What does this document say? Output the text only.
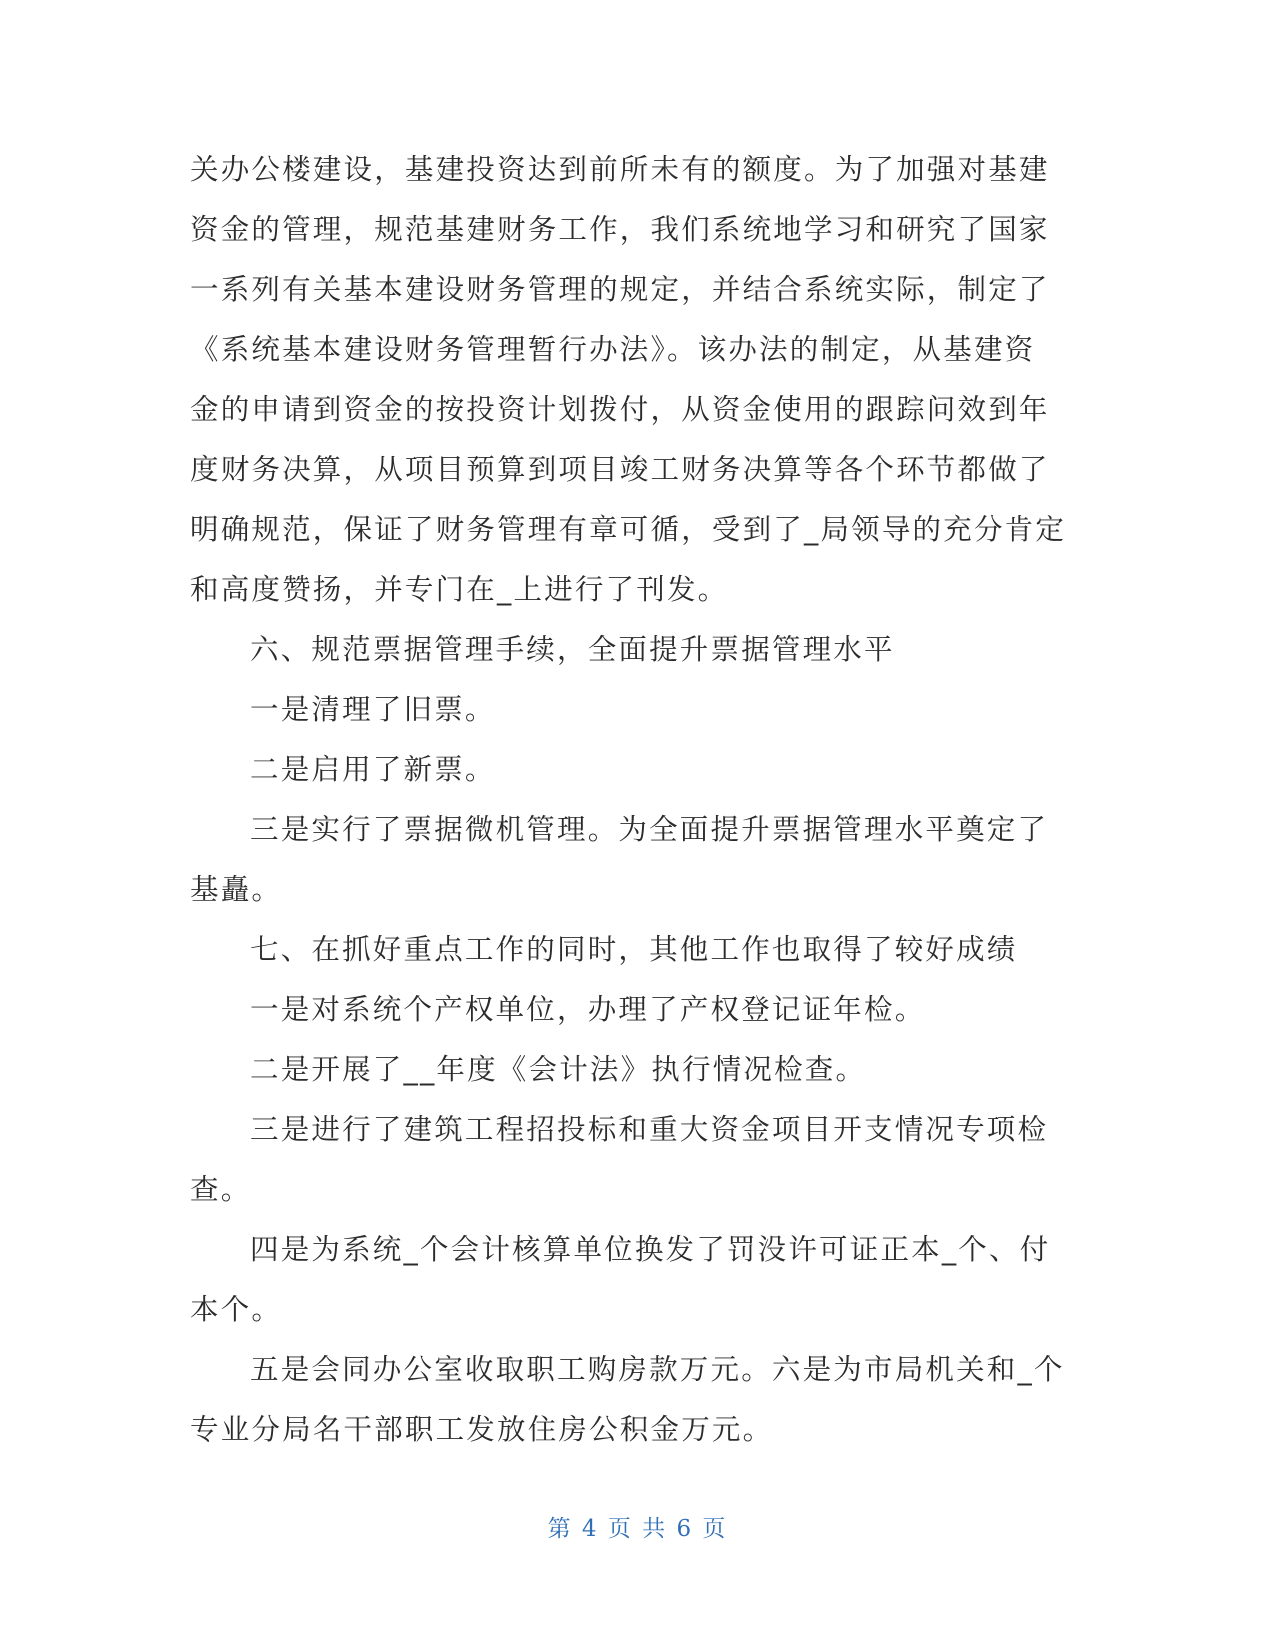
关办公楼建设，基建投资达到前所未有的额度。为了加强对基建
资金的管理，规范基建财务工作，我们系统地学习和研究了国家
一系列有关基本建设财务管理的规定，并结合系统实际，制定了
《系统基本建设财务管理暂行办法》。该办法的制定，从基建资
金的申请到资金的按投资计划拨付，从资金使用的跟踪问效到年
度财务决算，从项目预算到项目竣工财务决算等各个环节都做了
明确规范，保证了财务管理有章可循，受到了_局领导的充分肯定
和高度赞扬，并专门在_上进行了刊发。
六、规范票据管理手续，全面提升票据管理水平
一是清理了旧票。
二是启用了新票。
三是实行了票据微机管理。为全面提升票据管理水平奠定了
基矗。
七、在抓好重点工作的同时，其他工作也取得了较好成绩
一是对系统个产权单位，办理了产权登记证年检。
二是开展了__年度《会计法》执行情况检查。
三是进行了建筑工程招投标和重大资金项目开支情况专项检
查。
四是为系统_个会计核算单位换发了罚没许可证正本_个、付
本个。
五是会同办公室收取职工购房款万元。六是为市局机关和_个
专业分局名干部职工发放住房公积金万元。
第 4 页 共 6 页
